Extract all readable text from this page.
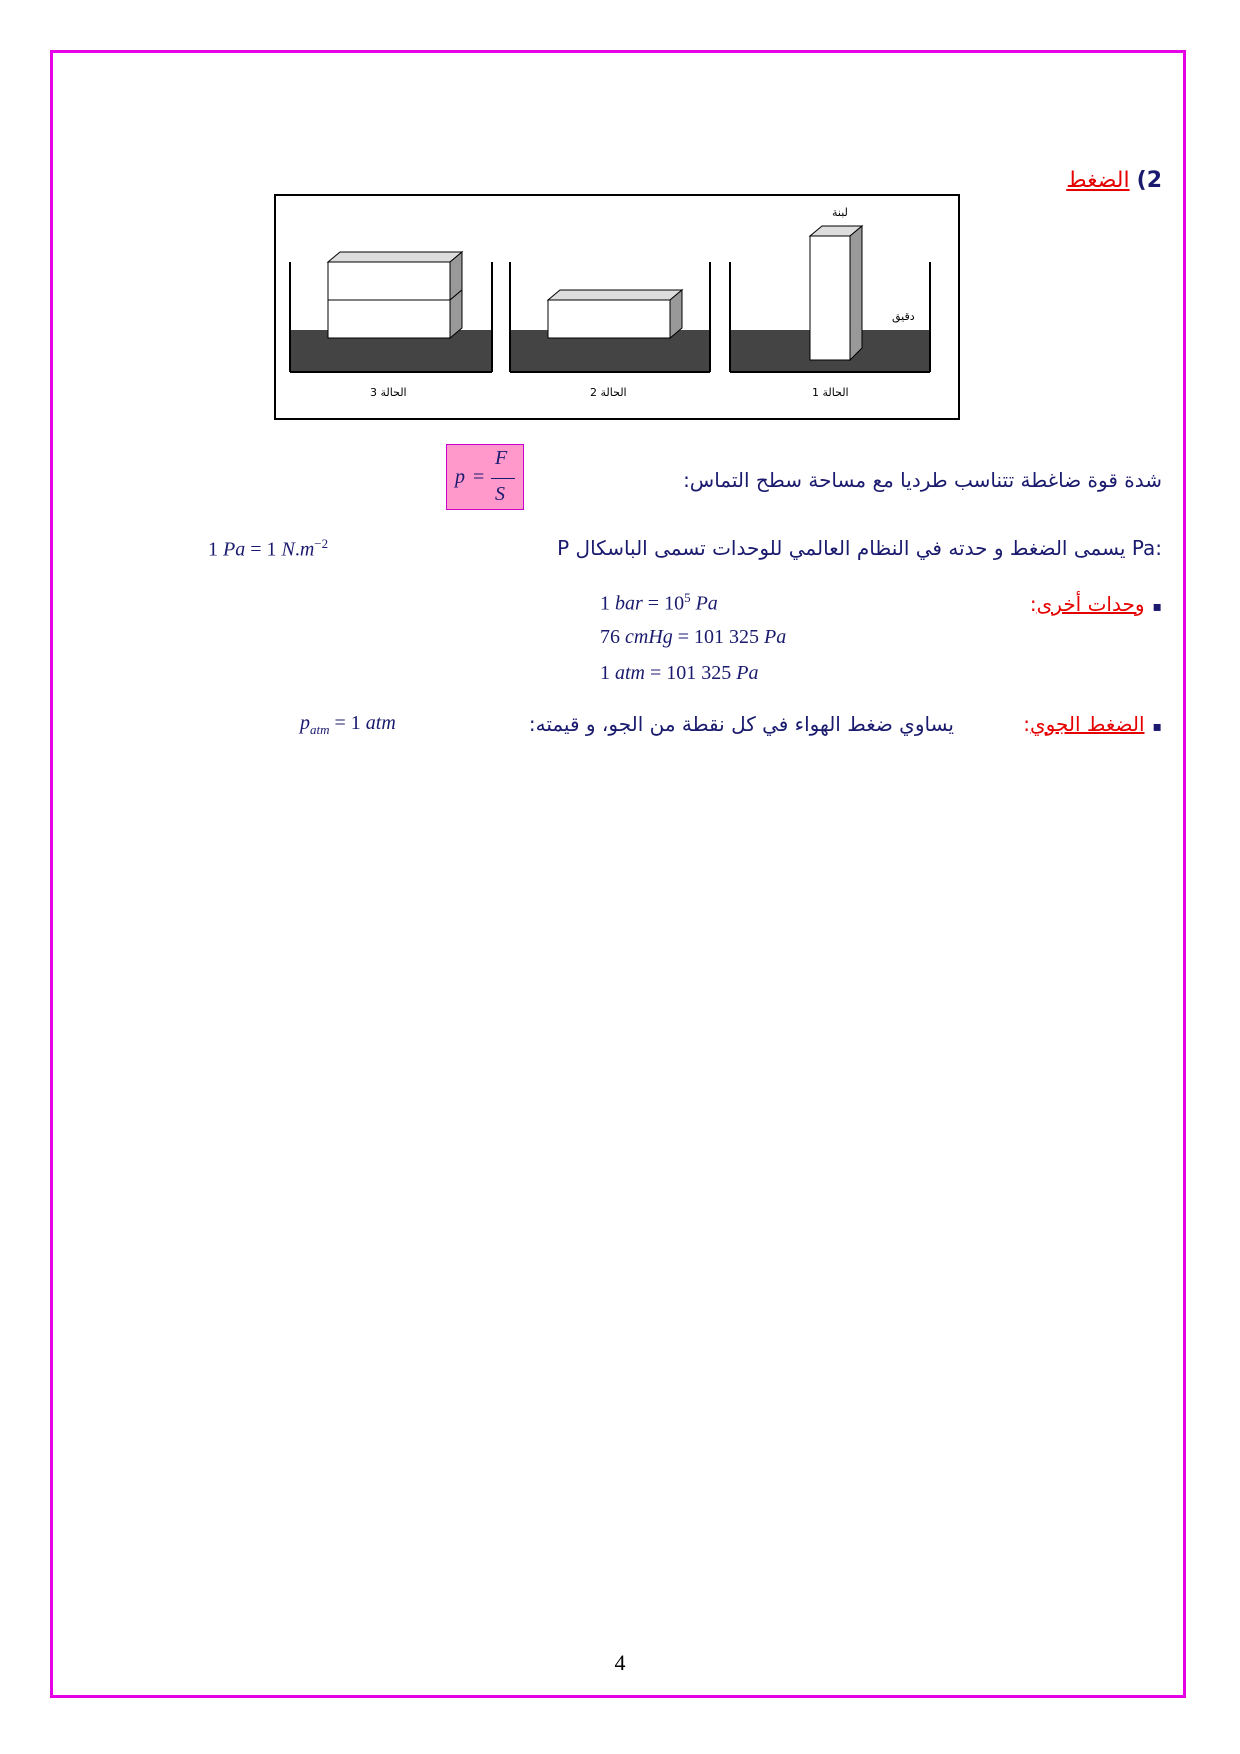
2) الضغط
لبنة
دقيق
الحالة 1
الحالة 2
الحالة 3
شدة قوة ضاغطة تتناسب طرديا مع مساحة سطح التماس:
p =
F
S
P يسمى الضغط و حدته في النظام العالمي للوحدات تسمى الباسكال Pa:
1 Pa = 1 $N.m^{-2}$
▪وحدات أخرى:
1 bar = $10^5$ Pa
76 cmHg = 101 325 Pa
1 atm = 101 325 Pa
▪الضغط الجوي:
يساوي ضغط الهواء في كل نقطة من الجو، و قيمته:
$p_{atm} = 1$ atm
4
